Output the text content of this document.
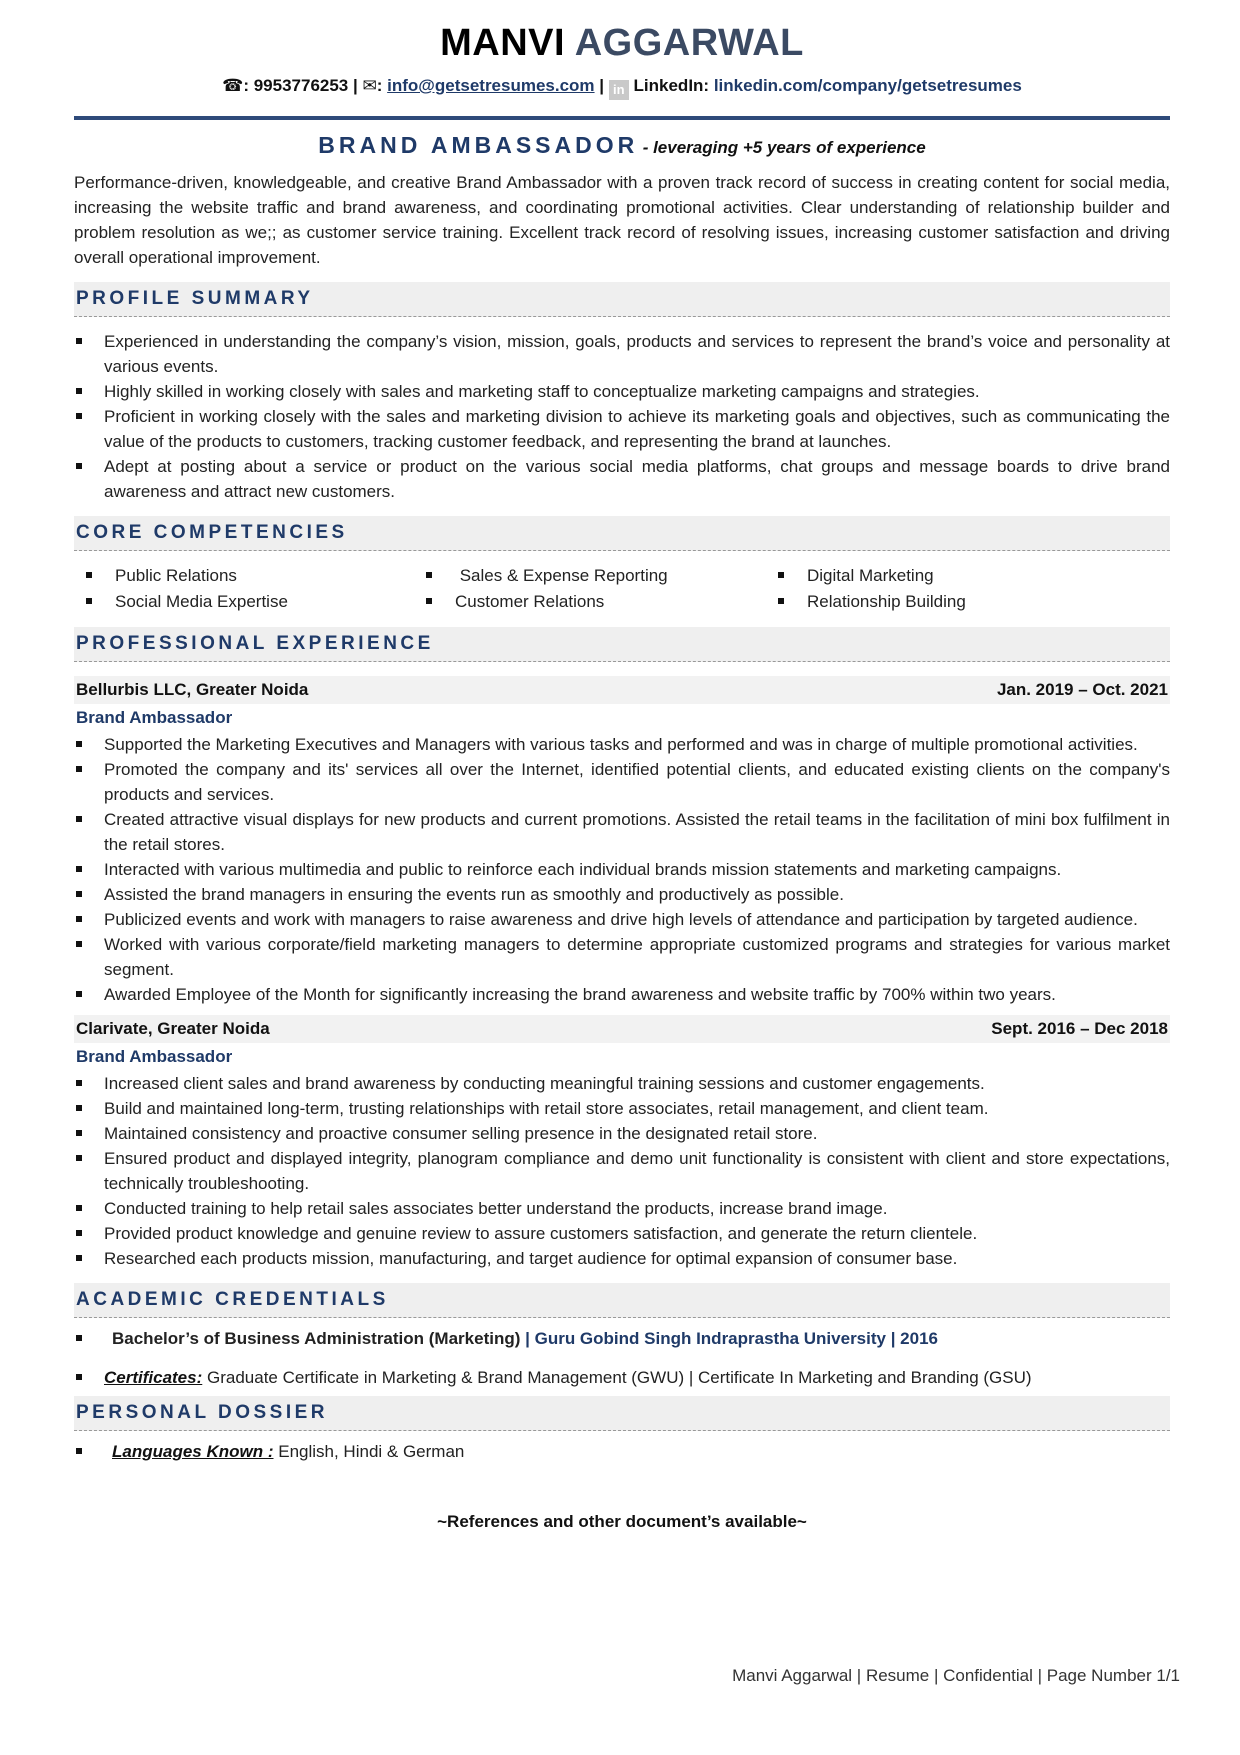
MANVI AGGARWAL
☎: 9953776253 | ✉: info@getsetresumes.com | in LinkedIn: linkedin.com/company/getsetresumes
BRAND AMBASSADOR - leveraging +5 years of experience
Performance-driven, knowledgeable, and creative Brand Ambassador with a proven track record of success in creating content for social media, increasing the website traffic and brand awareness, and coordinating promotional activities. Clear understanding of relationship builder and problem resolution as we;; as customer service training. Excellent track record of resolving issues, increasing customer satisfaction and driving overall operational improvement.
PROFILE SUMMARY
Experienced in understanding the company’s vision, mission, goals, products and services to represent the brand’s voice and personality at various events.
Highly skilled in working closely with sales and marketing staff to conceptualize marketing campaigns and strategies.
Proficient in working closely with the sales and marketing division to achieve its marketing goals and objectives, such as communicating the value of the products to customers, tracking customer feedback, and representing the brand at launches.
Adept at posting about a service or product on the various social media platforms, chat groups and message boards to drive brand awareness and attract new customers.
CORE COMPETENCIES
Public Relations
Social Media Expertise
Sales & Expense Reporting
Customer Relations
Digital Marketing
Relationship Building
PROFESSIONAL EXPERIENCE
Bellurbis LLC, Greater Noida	Jan. 2019 – Oct. 2021
Brand Ambassador
Supported the Marketing Executives and Managers with various tasks and performed and was in charge of multiple promotional activities.
Promoted the company and its' services all over the Internet, identified potential clients, and educated existing clients on the company's products and services.
Created attractive visual displays for new products and current promotions. Assisted the retail teams in the facilitation of mini box fulfilment in the retail stores.
Interacted with various multimedia and public to reinforce each individual brands mission statements and marketing campaigns.
Assisted the brand managers in ensuring the events run as smoothly and productively as possible.
Publicized events and work with managers to raise awareness and drive high levels of attendance and participation by targeted audience.
Worked with various corporate/field marketing managers to determine appropriate customized programs and strategies for various market segment.
Awarded Employee of the Month for significantly increasing the brand awareness and website traffic by 700% within two years.
Clarivate, Greater Noida	Sept. 2016 – Dec 2018
Brand Ambassador
Increased client sales and brand awareness by conducting meaningful training sessions and customer engagements.
Build and maintained long-term, trusting relationships with retail store associates, retail management, and client team.
Maintained consistency and proactive consumer selling presence in the designated retail store.
Ensured product and displayed integrity, planogram compliance and demo unit functionality is consistent with client and store expectations, technically troubleshooting.
Conducted training to help retail sales associates better understand the products, increase brand image.
Provided product knowledge and genuine review to assure customers satisfaction, and generate the return clientele.
Researched each products mission, manufacturing, and target audience for optimal expansion of consumer base.
ACADEMIC CREDENTIALS
Bachelor’s of Business Administration (Marketing) | Guru Gobind Singh Indraprastha University | 2016
Certificates: Graduate Certificate in Marketing & Brand Management (GWU) | Certificate In Marketing and Branding (GSU)
PERSONAL DOSSIER
Languages Known : English, Hindi & German
~References and other document’s available~
Manvi Aggarwal | Resume | Confidential | Page Number 1/1
